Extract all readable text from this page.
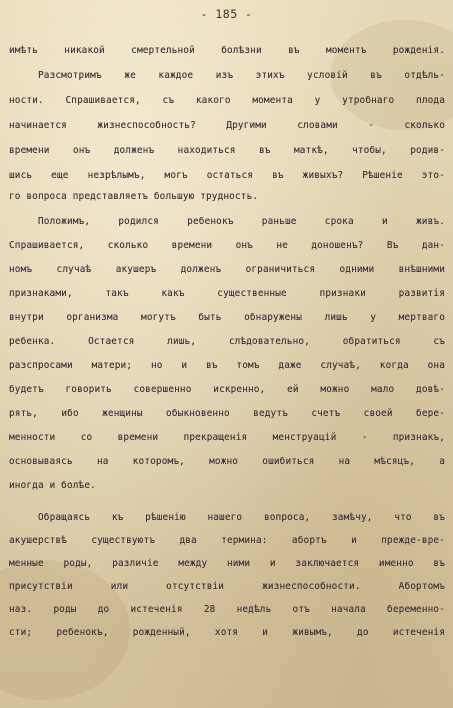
- 185 -
имѣть никакой смертельной болѣзни въ моментъ рожденія.
Разсмотримъ же каждое изъ этихъ условій въ отдѣль-
ности. Спрашивается, съ какого момента у утробнаго плода
начинается жизнеспособность? Другими словами - сколько
времени онъ долженъ находиться въ маткѣ, чтобы, родив-
шись еще незрѣлымъ, могъ остаться въ живыхъ? Рѣшеніе это-
го вопроса представляетъ большую трудность.
Положимъ, родился ребенокъ раньше срока и живъ.
Спрашивается, сколько времени онъ не доношенъ? Въ дан-
номъ случаѣ акушеръ долженъ ограничиться одними внѣшними
признаками, такъ какъ существенные признаки развитія
внутри организма могутъ быть обнаружены лишь у мертваго
ребенка. Остается лишь, слѣдовательно, обратиться съ
разспросами матери; но и въ томъ даже случаѣ, когда она
будетъ говорить совершенно искренно, ей можно мало довѣ-
рять, ибо женщины обыкновенно ведутъ счетъ своей бере-
менности со времени прекращенія менструацій - признакъ,
основываясь на которомъ, можно ошибиться на мѣсяцъ, а
иногда и болѣе.
Обращаясь къ рѣшенію нашего вопроса, замѣчу, что въ
акушерствѣ существуютъ два термина: абортъ и прежде-вре-
менные роды, различіе между ними и заключается именно въ
присутствіи или отсутствіи жизнеспособности. Абортомъ
наз. роды до истеченія 28 недѣль отъ начала беременно-
сти; ребенокъ, рожденный, хотя и живымъ, до истеченія
